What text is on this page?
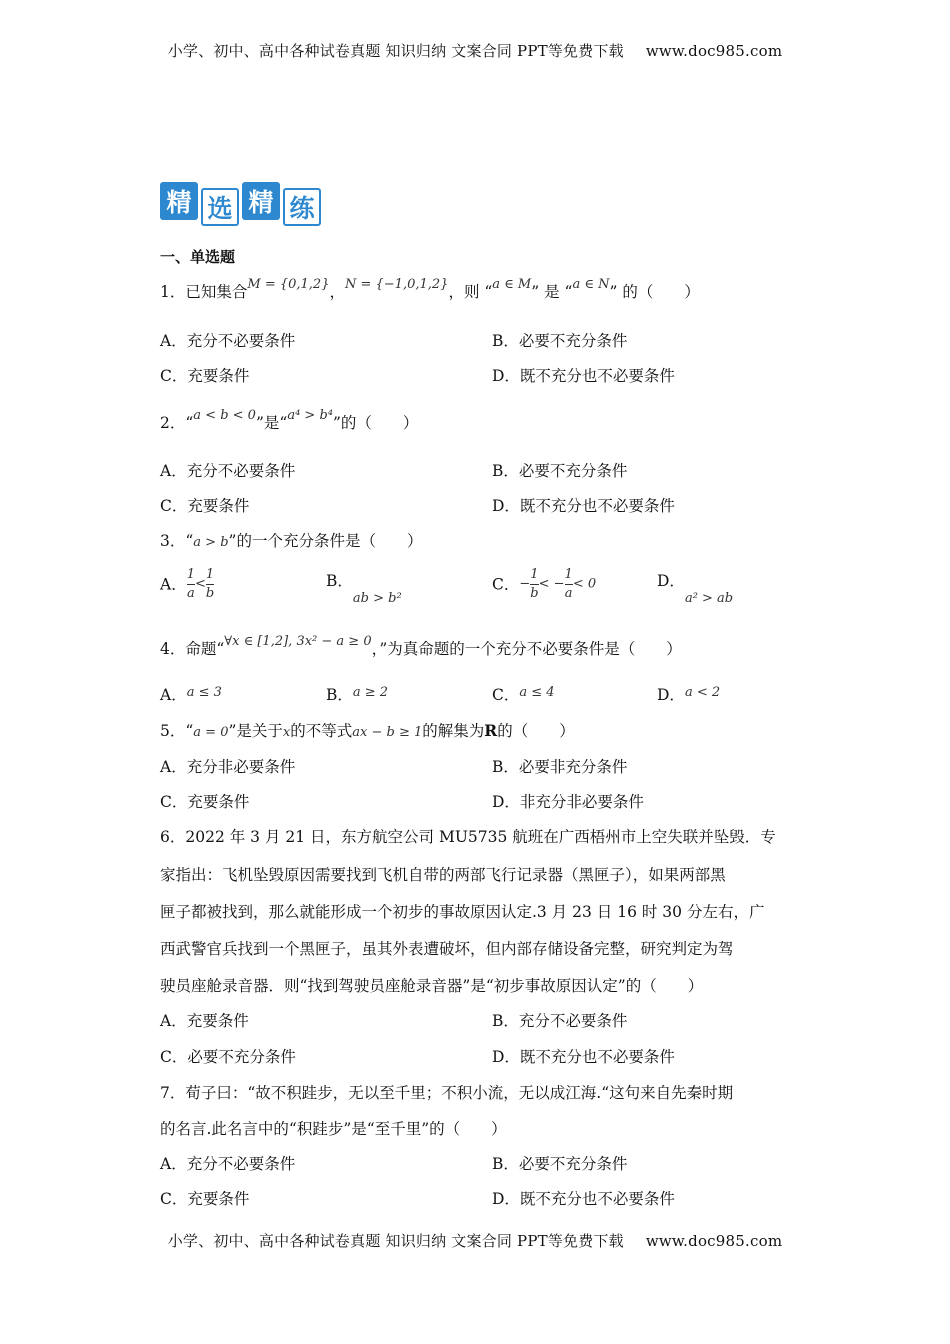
小学、初中、高中各种试卷真题 知识归纳 文案合同 PPT等免费下载 www.doc985.com
精 选 精 练
一、单选题
1．已知集合$^{M = \{0,1,2\}}$，$^{N = \{-1,0,1,2\}}$，则 “$^{a \in M}$” 是 “$^{a \in N}$” 的（　　）
A．充分不必要条件	B．必要不充分条件
C．充要条件	D．既不充分也不必要条件
2．“$^{a < b < 0}$”是“$^{a^4 > b^4}$”的（　　）
A．充分不必要条件	B．必要不充分条件
C．充要条件	D．既不充分也不必要条件
3．“a > b”的一个充分条件是（　　）
A． $\frac{1}{a} < \frac{1}{b}$	B．$_{ab > b^2}$
C．− $\frac{1}{b}$ < − $\frac{1}{a} < 0$	D．$_{a^2 > ab}$
4．命题“$^{\forall x \in [1,2], 3x^2 - a \ge 0}$，”为真命题的一个充分不必要条件是（　　）
A．$^{a \le 3}$	B．$^{a \ge 2}$	C．$^{a \le 4}$	D．$^{a < 2}$
5．“a = 0”是关于x的不等式ax − b ≥ 1的解集为R的（　　）
A．充分非必要条件	B．必要非充分条件
C．充要条件	D．非充分非必要条件
6．2022 年 3 月 21 日，东方航空公司 MU5735 航班在广西梧州市上空失联并坠毁．专
家指出：飞机坠毁原因需要找到飞机自带的两部飞行记录器（黑匣子），如果两部黑
匣子都被找到，那么就能形成一个初步的事故原因认定.3 月 23 日 16 时 30 分左右，广
西武警官兵找到一个黑匣子，虽其外表遭破坏，但内部存储设备完整，研究判定为驾
驶员座舱录音器．则“找到驾驶员座舱录音器”是“初步事故原因认定”的（　　）
A．充要条件	B．充分不必要条件
C．必要不充分条件	D．既不充分也不必要条件
7．荀子曰：“故不积跬步，无以至千里；不积小流，无以成江海.“这句来自先秦时期
的名言.此名言中的“积跬步”是“至千里”的（　　）
A．充分不必要条件	B．必要不充分条件
C．充要条件	D．既不充分也不必要条件
小学、初中、高中各种试卷真题 知识归纳 文案合同 PPT等免费下载 www.doc985.com
